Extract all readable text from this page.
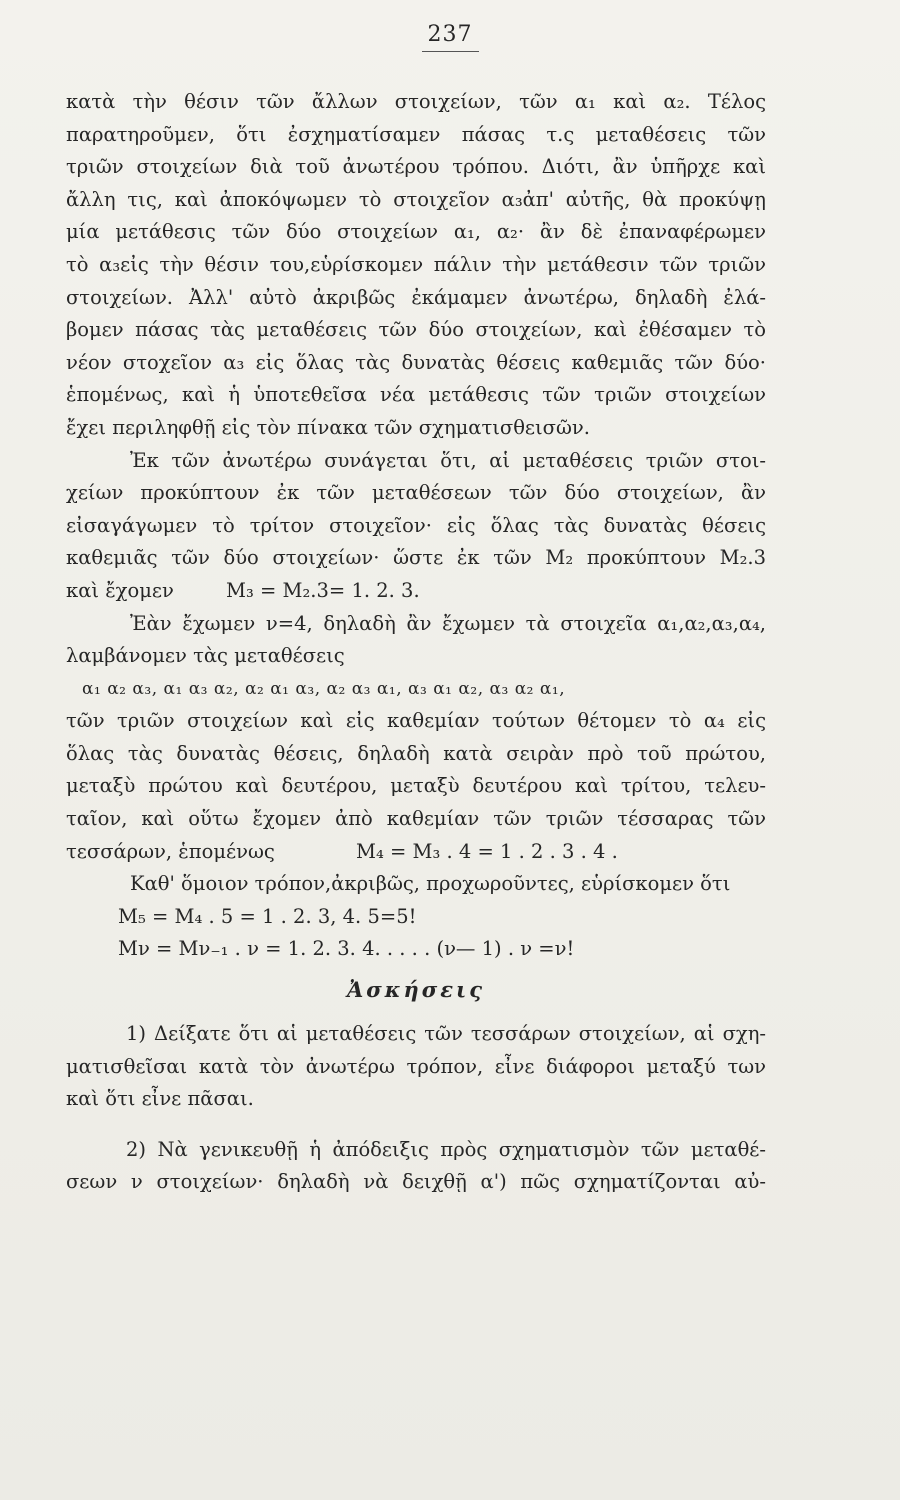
237
κατὰ τὴν θέσιν τῶν ἄλλων στοιχείων, τῶν α₁ καὶ α₂. Τέλος
παρατηροῦμεν, ὅτι ἐσχηματίσαμεν πάσας τ.ς μεταθέσεις τῶν
τριῶν στοιχείων διὰ τοῦ ἀνωτέρου τρόπου. Διότι, ἂν ὑπῆρχε καὶ
ἄλλη τις, καὶ ἀποκόψωμεν τὸ στοιχεῖον α₃ἀπ' αὐτῆς, θὰ προκύψῃ
μία μετάθεσις τῶν δύο στοιχείων α₁, α₂· ἂν δὲ ἐπαναφέρωμεν
τὸ α₃εἰς τὴν θέσιν του,εὑρίσκομεν πάλιν τὴν μετάθεσιν τῶν τριῶν
στοιχείων. Ἀλλ' αὐτὸ ἀκριβῶς ἐκάμαμεν ἀνωτέρω, δηλαδὴ ἐλά-
βομεν πάσας τὰς μεταθέσεις τῶν δύο στοιχείων, καὶ ἐθέσαμεν τὸ
νέον στοχεῖον α₃ εἰς ὅλας τὰς δυνατὰς θέσεις καθεμιᾶς τῶν δύο·
ἑπομένως, καὶ ἡ ὑποτεθεῖσα νέα μετάθεσις τῶν τριῶν στοιχείων
ἔχει περιληφθῇ εἰς τὸν πίνακα τῶν σχηματισθεισῶν.
Ἐκ τῶν ἀνωτέρω συνάγεται ὅτι, αἱ μεταθέσεις τριῶν στοι-
χείων προκύπτουν ἐκ τῶν μεταθέσεων τῶν δύο στοιχείων, ἂν
εἰσαγάγωμεν τὸ τρίτον στοιχεῖον· εἰς ὅλας τὰς δυνατὰς θέσεις
καθεμιᾶς τῶν δύο στοιχείων· ὥστε ἐκ τῶν M₂ προκύπτουν M₂.3
καὶ ἔχομεν	M₃ = M₂.3= 1. 2. 3.
Ἐὰν ἔχωμεν ν=4, δηλαδὴ ἂν ἔχωμεν τὰ στοιχεῖα α₁,α₂,α₃,α₄,
λαμβάνομεν τὰς μεταθέσεις
α₁ α₂ α₃, α₁ α₃ α₂, α₂ α₁ α₃, α₂ α₃ α₁, α₃ α₁ α₂, α₃ α₂ α₁,
τῶν τριῶν στοιχείων καὶ εἰς καθεμίαν τούτων θέτομεν τὸ α₄ εἰς
ὅλας τὰς δυνατὰς θέσεις, δηλαδὴ κατὰ σειρὰν πρὸ τοῦ πρώτου,
μεταξὺ πρώτου καὶ δευτέρου, μεταξὺ δευτέρου καὶ τρίτου, τελευ-
ταῖον, καὶ οὕτω ἔχομεν ἀπὸ καθεμίαν τῶν τριῶν τέσσαρας τῶν
τεσσάρων, ἑπομένως	M₄ = M₃ . 4 = 1 . 2 . 3 . 4 .
Καθ' ὅμοιον τρόπον,ἀκριβῶς, προχωροῦντες, εὑρίσκομεν ὅτι
M₅ = M₄ . 5 = 1 . 2. 3, 4. 5=5!
Mν = Mν₋₁ . ν = 1. 2. 3. 4. . . . . (ν— 1) . ν =ν!
Ἀσκήσεις
1) Δείξατε ὅτι αἱ μεταθέσεις τῶν τεσσάρων στοιχείων, αἱ σχη-
ματισθεῖσαι κατὰ τὸν ἀνωτέρω τρόπον, εἶνε διάφοροι μεταξύ των
καὶ ὅτι εἶνε πᾶσαι.
2) Νὰ γενικευθῇ ἡ ἀπόδειξις πρὸς σχηματισμὸν τῶν μεταθέ-
σεων ν στοιχείων· δηλαδὴ νὰ δειχθῇ α') πῶς σχηματίζονται αὐ-
